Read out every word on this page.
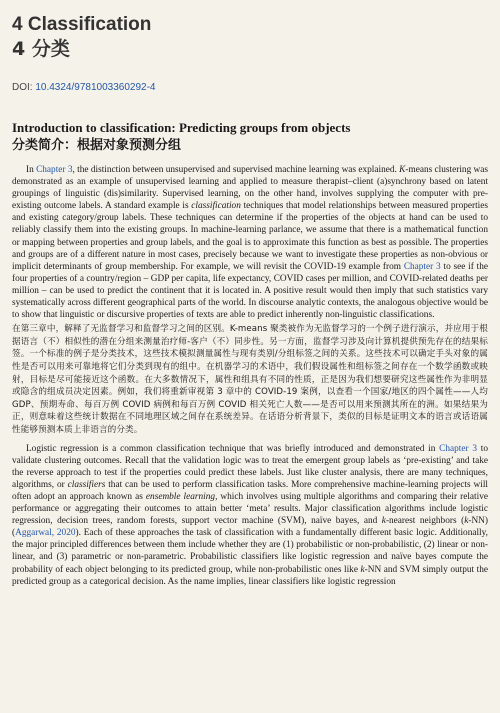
4 Classification
4 分类
DOI: 10.4324/9781003360292-4
Introduction to classification: Predicting groups from objects
分类简介：根据对象预测分组

In Chapter 3, the distinction between unsupervised and supervised machine learning was explained. K-means clustering was demonstrated as an example of unsupervised learning and applied to measure therapist–client (a)synchrony based on latent groupings of linguistic (dis)similarity. Supervised learning, on the other hand, involves supplying the computer with pre-existing outcome labels. A standard example is classification techniques that model relationships between measured properties and existing category/group labels. These techniques can determine if the properties of the objects at hand can be used to reliably classify them into the existing groups. In machine-learning parlance, we assume that there is a mathematical function or mapping between properties and group labels, and the goal is to approximate this function as best as possible. The properties and groups are of a different nature in most cases, precisely because we want to investigate these properties as non-obvious or implicit determinants of group membership. For example, we will revisit the COVID-19 example from Chapter 3 to see if the four properties of a country/region – GDP per capita, life expectancy, COVID cases per million, and COVID-related deaths per million – can be used to predict the continent that it is located in. A positive result would then imply that such statistics vary systematically across different geographical parts of the world. In discourse analytic contexts, the analogous objective would be to show that linguistic or discursive properties of texts are able to predict inherently non-linguistic classifications.

在第三章中，解释了无监督学习和监督学习之间的区别。K-means 聚类被作为无监督学习的一个例子进行演示，并应用于根据语言（不）相似性的潜在分组来测量治疗师-客户（不）同步性。另一方面，监督学习涉及向计算机提供预先存在的结果标签。一个标准的例子是分类技术，这些技术模拟测量属性与现有类别/分组标签之间的关系。这些技术可以确定手头对象的属性是否可以用来可靠地将它们分类到现有的组中。在机器学习的术语中，我们假设属性和组标签之间存在一个数学函数或映射，目标是尽可能接近这个函数。在大多数情况下，属性和组具有不同的性质，正是因为我们想要研究这些属性作为非明显或隐含的组成员决定因素。例如，我们将重新审视第 3 章中的 COVID-19 案例，以查看一个国家/地区的四个属性——人均 GDP、预期寿命、每百万例 COVID 病例和每百万例 COVID 相关死亡人数——是否可以用来预测其所在的洲。如果结果为正，则意味着这些统计数据在不同地理区域之间存在系统差异。在话语分析背景下，类似的目标是证明文本的语言或话语属性能够预测本质上非语言的分类。

Logistic regression is a common classification technique that was briefly introduced and demonstrated in Chapter 3 to validate clustering outcomes. Recall that the validation logic was to treat the emergent group labels as ‘pre-existing’ and take the reverse approach to test if the properties could predict these labels. Just like cluster analysis, there are many techniques, algorithms, or classifiers that can be used to perform classification tasks. More comprehensive machine-learning projects will often adopt an approach known as ensemble learning, which involves using multiple algorithms and comparing their relative performance or aggregating their outcomes to attain better ‘meta’ results. Major classification algorithms include logistic regression, decision trees, random forests, support vector machine (SVM), naïve bayes, and k-nearest neighbors (k-NN) (Aggarwal, 2020). Each of these approaches the task of classification with a fundamentally different basic logic. Additionally, the major principled differences between them include whether they are (1) probabilistic or non-probabilistic, (2) linear or non-linear, and (3) parametric or non-parametric. Probabilistic classifiers like logistic regression and naïve bayes compute the probability of each object belonging to its predicted group, while non-probabilistic ones like k-NN and SVM simply output the predicted group as a categorical decision. As the name implies, linear classifiers like logistic regression
